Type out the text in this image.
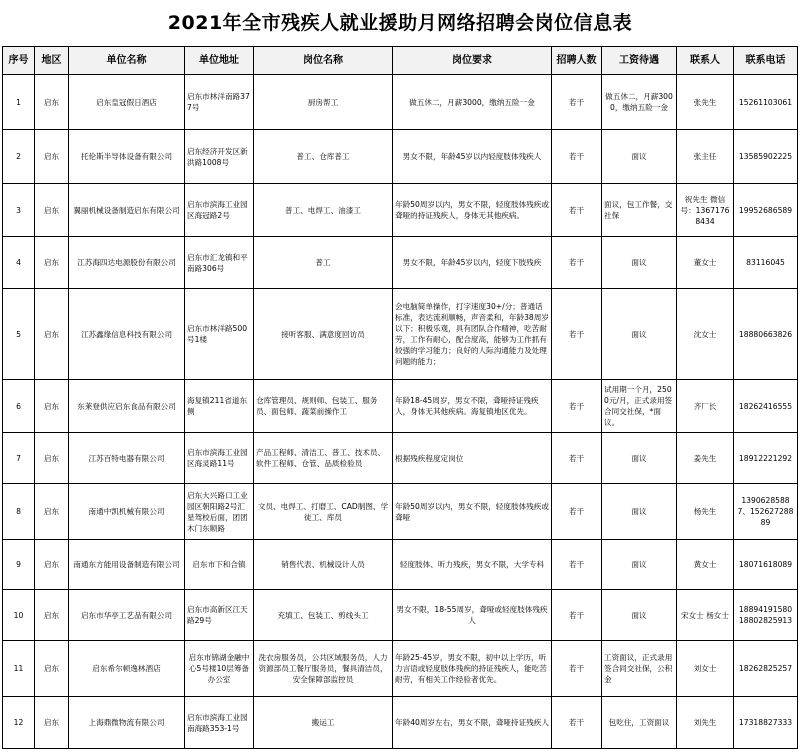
2021年全市残疾人就业援助月网络招聘会岗位信息表
序号	地区	单位名称	单位地址	岗位名称	岗位要求	招聘人数	工资待遇	联系人	联系电话
1	启东	启东皇冠假日酒店	启东市林洋南路377号	厨房帮工	做五休二，月薪3000，缴纳五险一金	若干	做五休二，月薪3000，缴纳五险一金	张先生	15261103061
2	启东	托伦斯半导体设备有限公司	启东经济开发区新洪路1008号	普工、仓库普工	男女不限，年龄45岁以内轻度肢体残疾人	若干	面议	张主任	13585902225
3	启东	翼丽机械设备制造启东有限公司	启东市滨海工业园区海冠路2号	普工、电焊工、油漆工	年龄50周岁以内，男女不限，轻度肢体残疾或聋哑的持证残疾人，身体无其他疾病。	若干	面议，包工作餐，交社保	祝先生 微信号：13671768434	19952686589
4	启东	江苏海四达电源股份有限公司	启东市汇龙镇和平南路306号	普工	男女不限，年龄45岁以内，轻度下肢残疾	若干	面议	董女士	83116045
5	启东	江苏鑫缘信息科技有限公司	启东市林洋路500号1楼	接听客服、满意度回访员	会电脑简单操作，打字速度30+/分；普通话标准，表达流利顺畅，声音柔和，年龄38周岁以下；积极乐观，具有团队合作精神，吃苦耐劳，工作有耐心，配合度高，能够为工作抓有较强的学习能力；良好的人际沟通能力及处理问题的能力；	若干	面议	沈女士	18880663826
6	启东	东莱登供应启东食品有限公司	海复镇211省道东侧	仓库管理员、规则师、包装工、服务员、面包师、蔬菜前操作工	年龄18-45周岁，男女不限，聋哑持证残疾人，身体无其他疾病。海复镇地区优先。	若干	试用期一个月，2500元/月，正式录用签合同交社保，*面议。	齐厂长	18262416555
7	启东	江苏百特电器有限公司	启东市滨海工业园区海灵路11号	产品工程师、清洁工、普工、技术员、软件工程师、仓管、品质检验员	根据残疾程度定岗位	若干	面议	姜先生	18912221292
8	启东	南通中凯机械有限公司	启东大兴路口工业园区朝阳路2号汇星驾校后面，团团木门东顺路	文员、电焊工、打磨工、CAD制图、学徒工、库员	年龄50周岁以内，男女不限，轻度肢体残疾或聋哑	若干	面议	杨先生	13906285887、15262728889
9	启东	南通东方能用设备制造有限公司	启东市下和合镇	销售代表、机械设计人员	轻度肢体、听力残疾，男女不限，大学专科	若干	面议	黄女士	18071618089
10	启东	启东市华亭工艺品有限公司	启东市高新区江天路29号	充填工、包装工、剪线头工	男女不限，18-55周岁，聋哑或轻度肢体残疾人	若干	面议	宋女士 杨女士	18894191580 18802825913
11	启东	启东希尔顿逸林酒店	启东市锦湖金融中心5号楼10层筹备办公室	洗衣房服务员，公共区域服务员，人力资源部员工餐厅服务员，餐具清洁员，安全保障部监控员	年龄25-45岁，男女不限，初中以上学历，听力言语或轻度肢体残疾的持证残疾人，能吃苦耐劳，有相关工作经验者优先。	若干	工资面议，正式录用签合同交社保，公积金	刘女士	18262825257
12	启东	上海鼎微物流有限公司	启东市滨海工业园南海路353-1号	搬运工	年龄40周岁左右，男女不限，聋哑持证残疾人	若干	包吃住，工资面议	刘先生	17318827333
